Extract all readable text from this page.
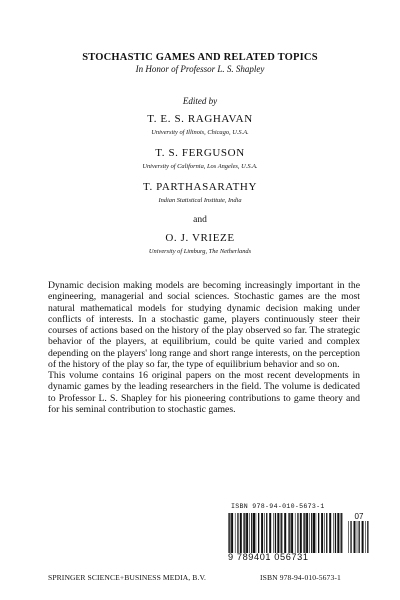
STOCHASTIC GAMES AND RELATED TOPICS
In Honor of Professor L. S. Shapley
Edited by
T. E. S. RAGHAVAN
University of Illinois, Chicago, U.S.A.
T. S. FERGUSON
University of California, Los Angeles, U.S.A.
T. PARTHASARATHY
Indian Statistical Institute, India
and
O. J. VRIEZE
University of Limburg, The Netherlands

Dynamic decision making models are becoming increasingly important in the engineering, managerial and social sciences. Stochastic games are the most natural mathematical models for studying dynamic decision making under conflicts of interests. In a stochastic game, players continuously steer their courses of actions based on the history of the play observed so far. The strategic behavior of the players, at equilibrium, could be quite varied and complex depending on the players' long range and short range interests, on the perception of the history of the play so far, the type of equilibrium behavior and so on.

This volume contains 16 original papers on the most recent developments in dynamic games by the leading researchers in the field. The volume is dedicated to Professor L. S. Shapley for his pioneering contributions to game theory and for his seminal contribution to stochastic games.

ISBN 978-94-010-5673-1
07
9 789401 056731
SPRINGER SCIENCE+BUSINESS MEDIA, B.V.	ISBN 978-94-010-5673-1
